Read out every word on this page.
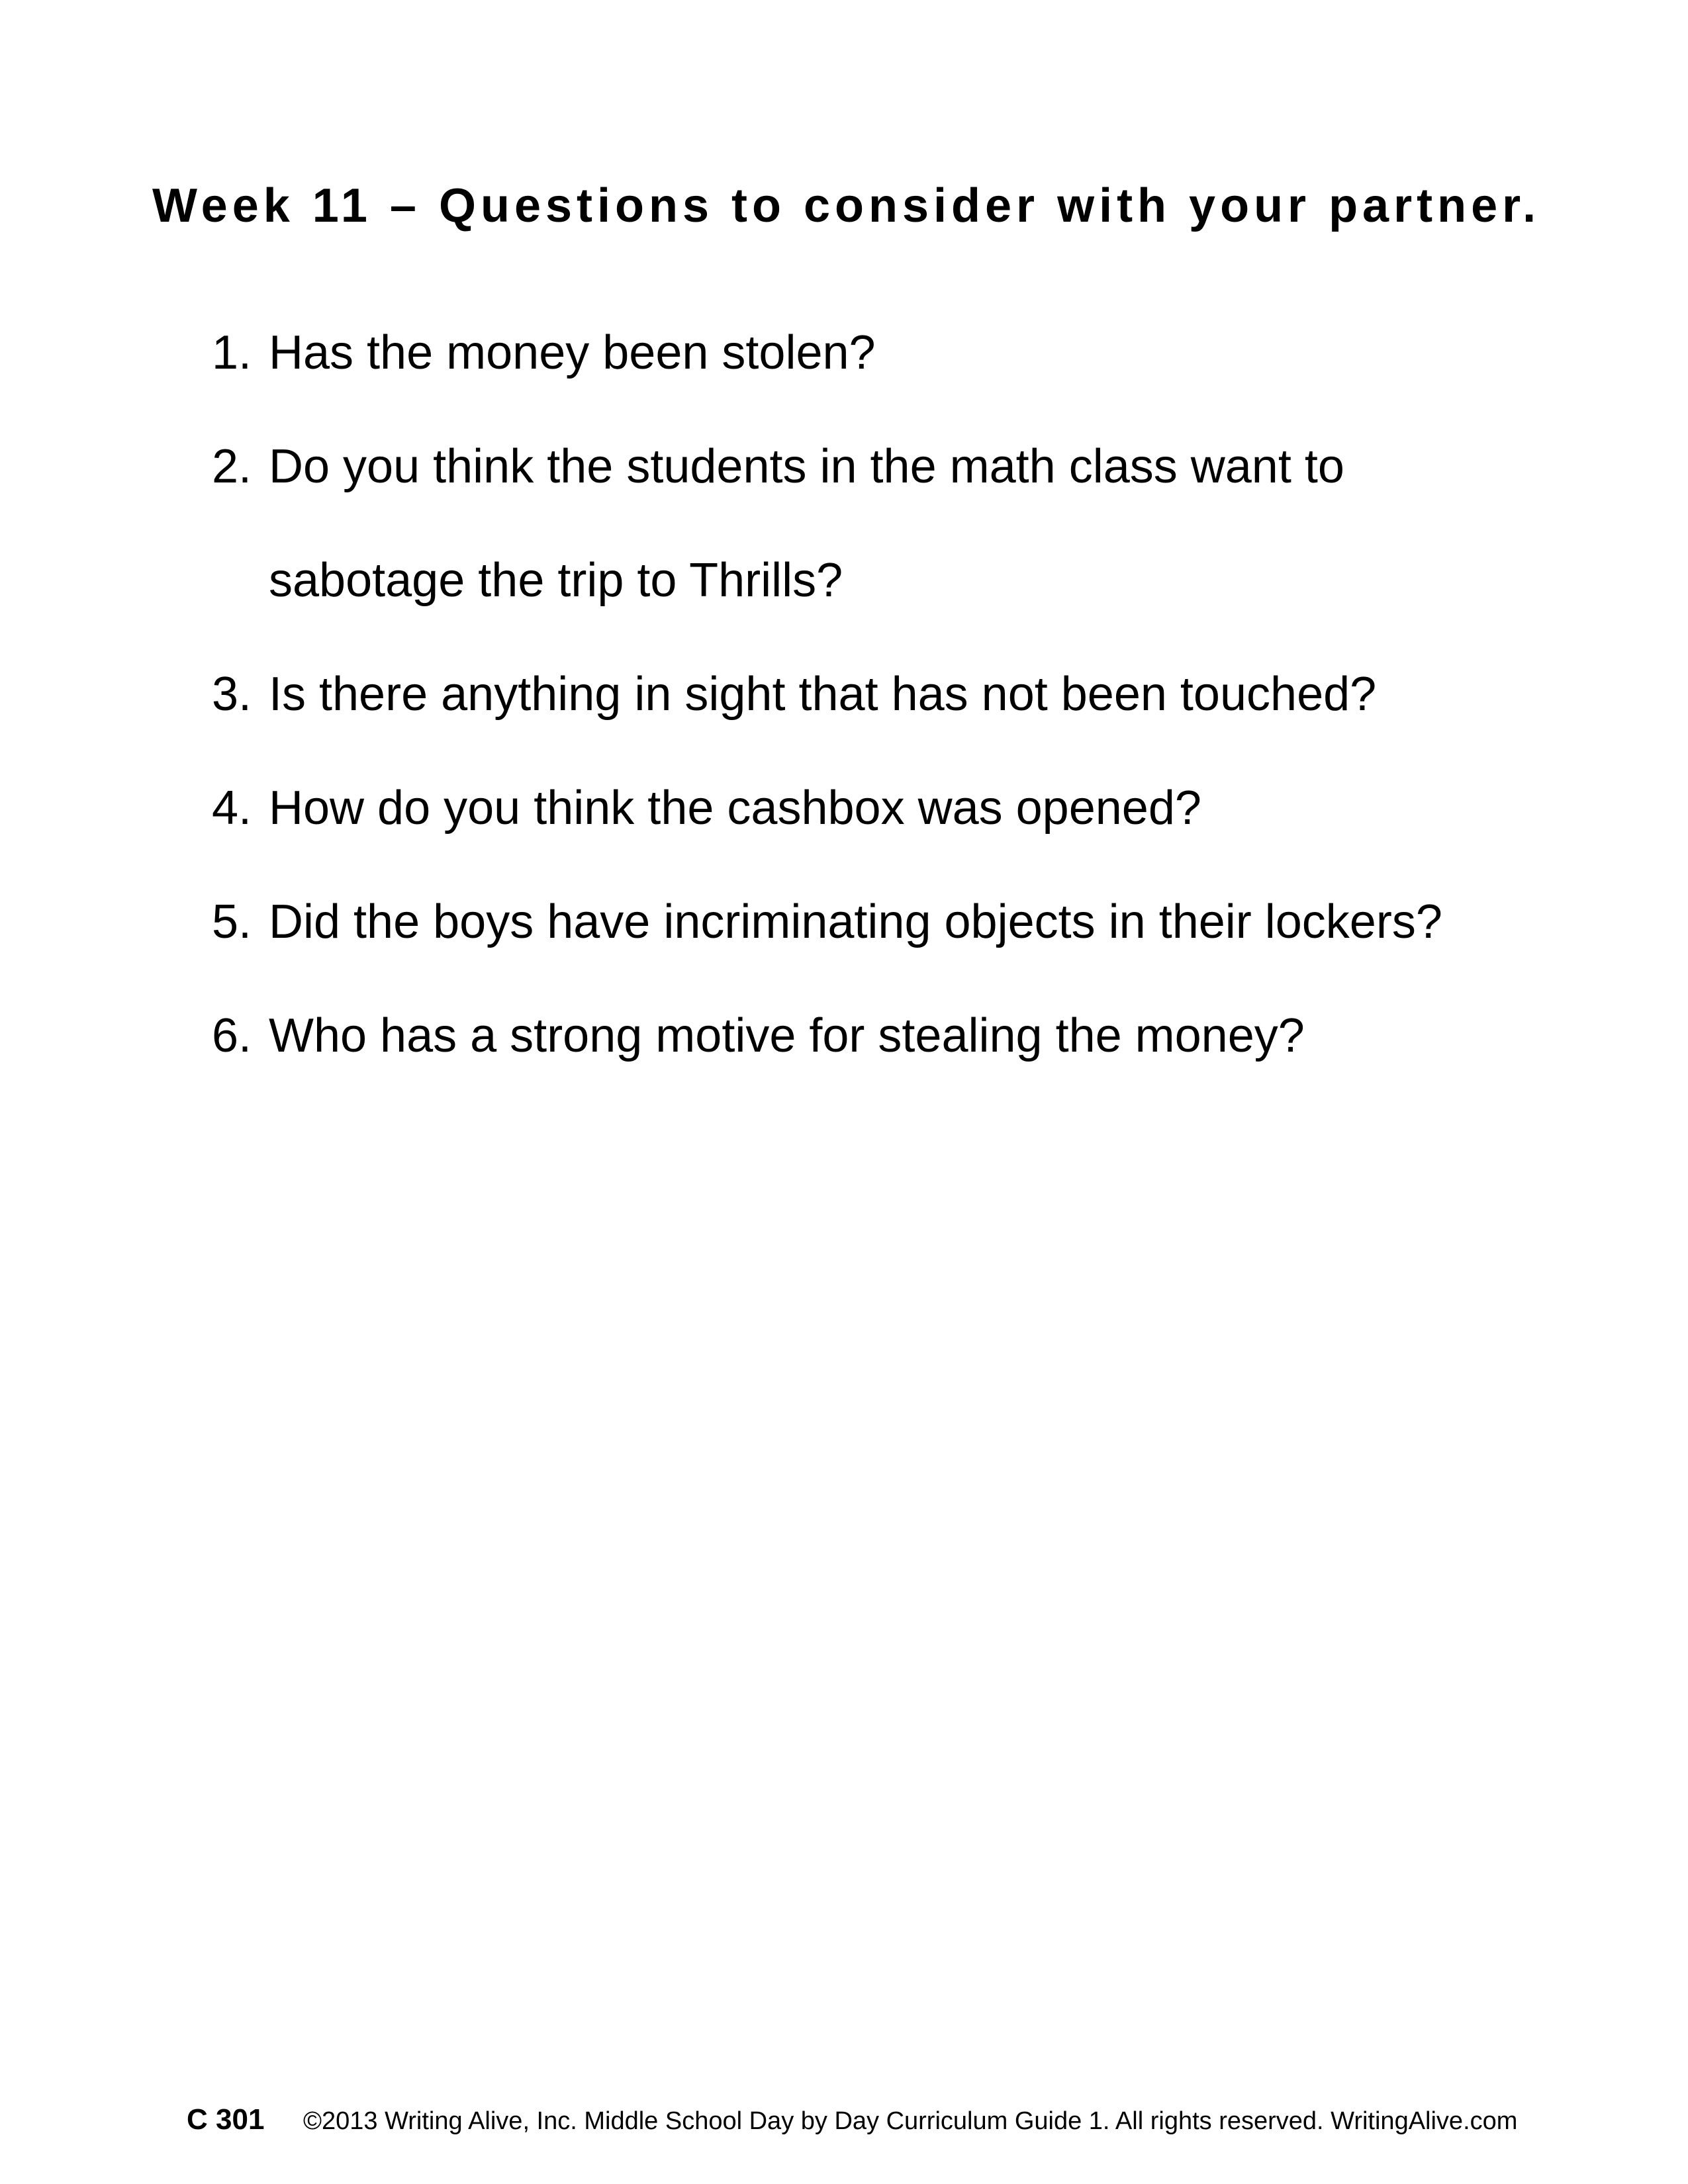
Week 11 – Questions to consider with your partner.
1. Has the money been stolen?
2. Do you think the students in the math class want to
sabotage the trip to Thrills?
3. Is there anything in sight that has not been touched?
4. How do you think the cashbox was opened?
5. Did the boys have incriminating objects in their lockers?
6. Who has a strong motive for stealing the money?
C 301 ©2013 Writing Alive, Inc. Middle School Day by Day Curriculum Guide 1. All rights reserved. WritingAlive.com
